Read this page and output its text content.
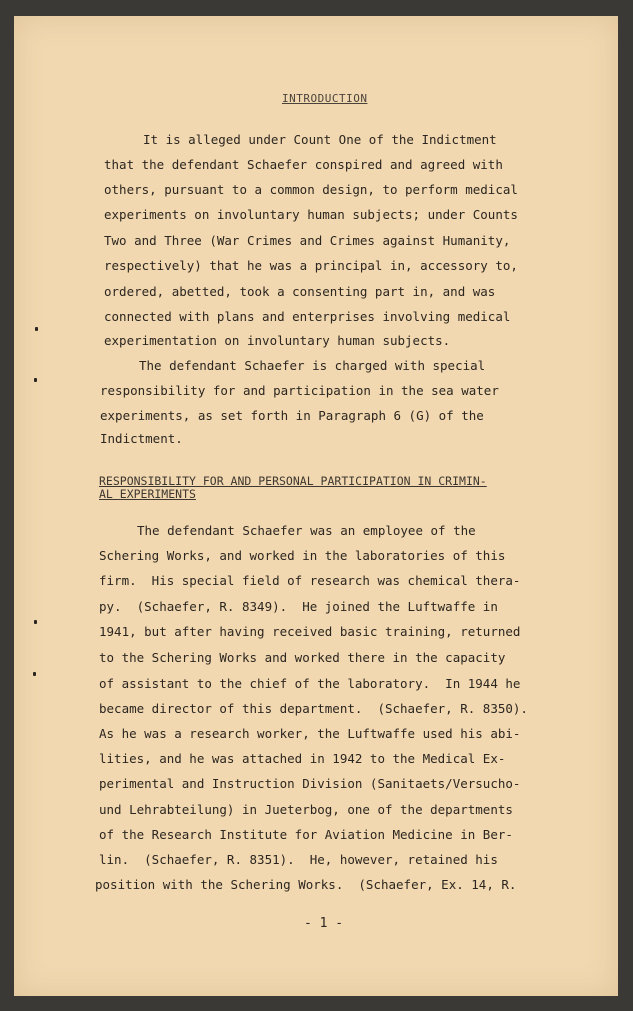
INTRODUCTION
It is alleged under Count One of the Indictment
that the defendant Schaefer conspired and agreed with
others, pursuant to a common design, to perform medical
experiments on involuntary human subjects; under Counts
Two and Three (War Crimes and Crimes against Humanity,
respectively) that he was a principal in, accessory to,
ordered, abetted, took a consenting part in, and was
connected with plans and enterprises involving medical
experimentation on involuntary human subjects.
The defendant Schaefer is charged with special
responsibility for and participation in the sea water
experiments, as set forth in Paragraph 6 (G) of the
Indictment.
RESPONSIBILITY FOR AND PERSONAL PARTICIPATION IN CRIMIN-
AL EXPERIMENTS
The defendant Schaefer was an employee of the
Schering Works, and worked in the laboratories of this
firm.  His special field of research was chemical thera-
py.  (Schaefer, R. 8349).  He joined the Luftwaffe in
1941, but after having received basic training, returned
to the Schering Works and worked there in the capacity
of assistant to the chief of the laboratory.  In 1944 he
became director of this department.  (Schaefer, R. 8350).
As he was a research worker, the Luftwaffe used his abi-
lities, and he was attached in 1942 to the Medical Ex-
perimental and Instruction Division (Sanitaets/Versucho-
und Lehrabteilung) in Jueterbog, one of the departments
of the Research Institute for Aviation Medicine in Ber-
lin.  (Schaefer, R. 8351).  He, however, retained his
position with the Schering Works.  (Schaefer, Ex. 14, R.
- 1 -
